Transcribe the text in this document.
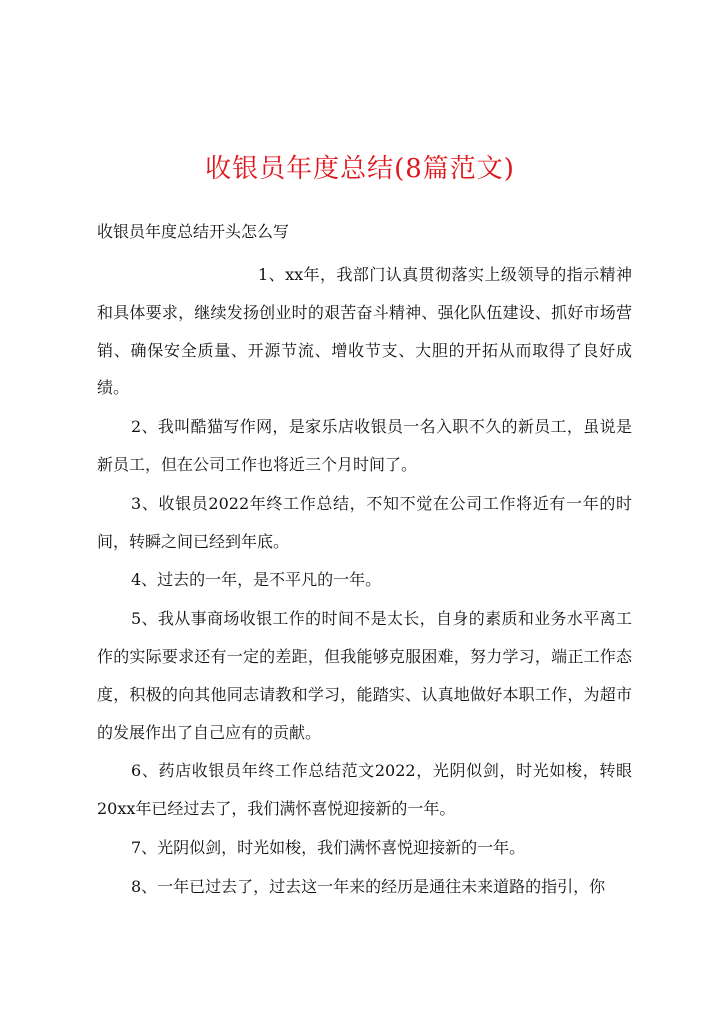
收银员年度总结(8篇范文)

收银员年度总结开头怎么写

1、xx年，我部门认真贯彻落实上级领导的指示精神和具体要求，继续发扬创业时的艰苦奋斗精神、强化队伍建设、抓好市场营销、确保安全质量、开源节流、增收节支、大胆的开拓从而取得了良好成绩。

2、我叫酷猫写作网，是家乐店收银员一名入职不久的新员工，虽说是新员工，但在公司工作也将近三个月时间了。

3、收银员2022年终工作总结，不知不觉在公司工作将近有一年的时间，转瞬之间已经到年底。

4、过去的一年，是不平凡的一年。

5、我从事商场收银工作的时间不是太长，自身的素质和业务水平离工作的实际要求还有一定的差距，但我能够克服困难，努力学习，端正工作态度，积极的向其他同志请教和学习，能踏实、认真地做好本职工作，为超市的发展作出了自己应有的贡献。

6、药店收银员年终工作总结范文2022，光阴似剑，时光如梭，转眼20xx年已经过去了，我们满怀喜悦迎接新的一年。

7、光阴似剑，时光如梭，我们满怀喜悦迎接新的一年。

8、一年已过去了，过去这一年来的经历是通往未来道路的指引，你
